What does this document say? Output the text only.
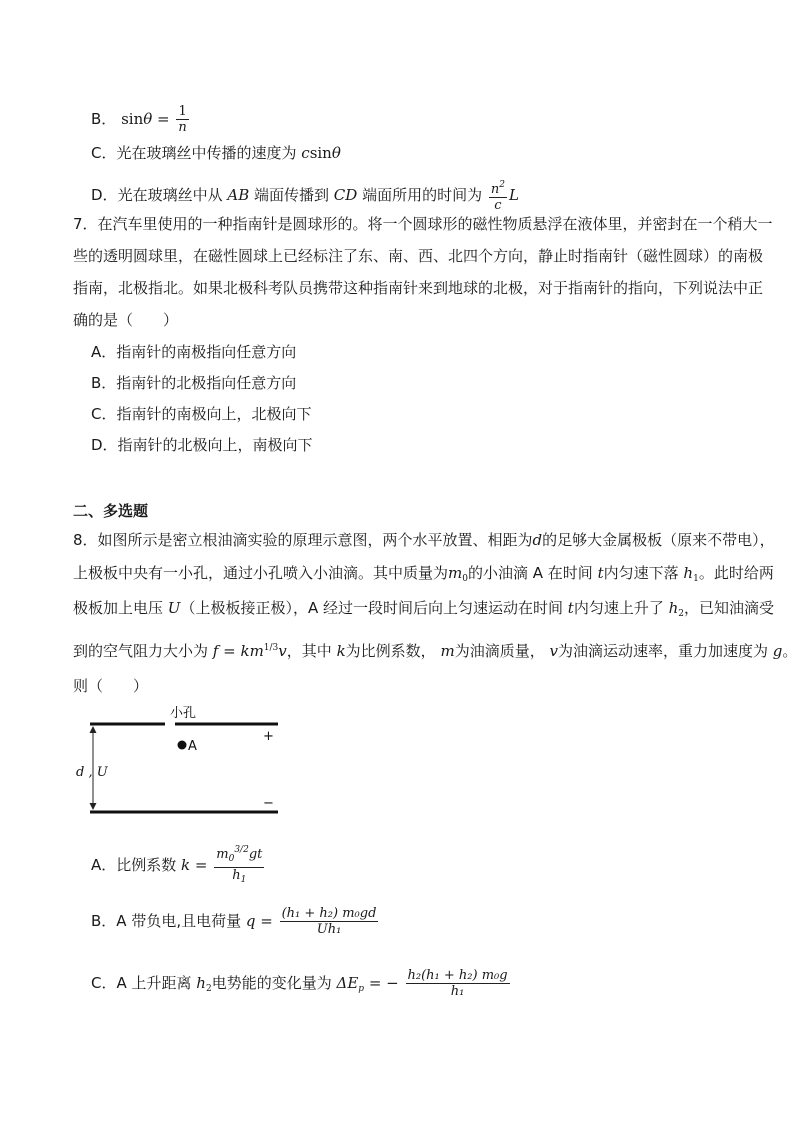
B． $\sin\theta = \frac{1}{n}$
C．光在玻璃丝中传播的速度为 csinθ
D．光在玻璃丝中从 AB 端面传播到 CD 端面所用的时间为 $\frac{n^2}{c}$ L
7．在汽车里使用的一种指南针是圆球形的。将一个圆球形的磁性物质悬浮在液体里，并密封在一个稍大一
些的透明圆球里，在磁性圆球上已经标注了东、南、西、北四个方向，静止时指南针（磁性圆球）的南极
指南，北极指北。如果北极科考队员携带这种指南针来到地球的北极，对于指南针的指向，下列说法中正
确的是（　　）
A．指南针的南极指向任意方向
B．指南针的北极指向任意方向
C．指南针的南极向上，北极向下
D．指南针的北极向上，南极向下
二、多选题
8．如图所示是密立根油滴实验的原理示意图，两个水平放置、相距为d的足够大金属极板（原来不带电），
上极板中央有一小孔，通过小孔喷入小油滴。其中质量为$m_0$的小油滴 A 在时间 t内匀速下落 $h_1$。此时给两
极板加上电压 U（上极板接正极），A 经过一段时间后向上匀速运动在时间 t内匀速上升了 $h_2$，已知油滴受
到的空气阻力大小为 $f = km^{1/3}v$，其中 k为比例系数， m为油滴质量， v为油滴运动速率，重力加速度为 g。
则（　　）
小孔
A
d , U
+
−
A．比例系数 $k = \frac{m_0^{3/2}gt}{h_1}$
B．A 带负电,且电荷量 $q = \frac{\text{(h₁ + h₂) m₀gd}}{\text{Uh₁}}$
C．A 上升距离 $h_2$电势能的变化量为 $\Delta E_p$ = − $\frac{\text{h₂(h₁ + h₂) m₀g}}{\text{h₁}}$
